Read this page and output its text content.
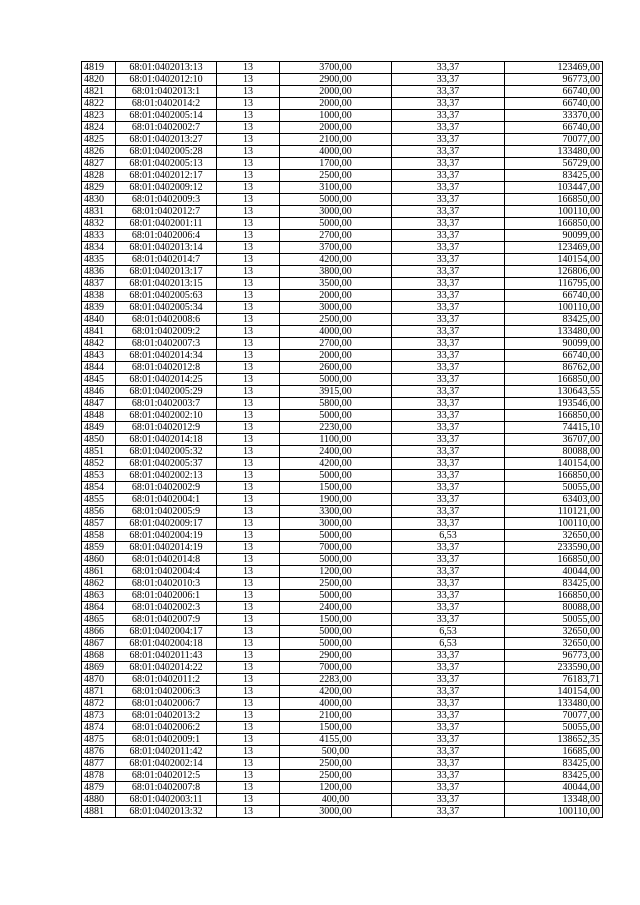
4819	68:01:0402013:13	13	3700,00	33,37	123469,00
4820	68:01:0402012:10	13	2900,00	33,37	96773,00
4821	68:01:0402013:1	13	2000,00	33,37	66740,00
4822	68:01:0402014:2	13	2000,00	33,37	66740,00
4823	68:01:0402005:14	13	1000,00	33,37	33370,00
4824	68:01:0402002:7	13	2000,00	33,37	66740,00
4825	68:01:0402013:27	13	2100,00	33,37	70077,00
4826	68:01:0402005:28	13	4000,00	33,37	133480,00
4827	68:01:0402005:13	13	1700,00	33,37	56729,00
4828	68:01:0402012:17	13	2500,00	33,37	83425,00
4829	68:01:0402009:12	13	3100,00	33,37	103447,00
4830	68:01:0402009:3	13	5000,00	33,37	166850,00
4831	68:01:0402012:7	13	3000,00	33,37	100110,00
4832	68:01:0402001:11	13	5000,00	33,37	166850,00
4833	68:01:0402006:4	13	2700,00	33,37	90099,00
4834	68:01:0402013:14	13	3700,00	33,37	123469,00
4835	68:01:0402014:7	13	4200,00	33,37	140154,00
4836	68:01:0402013:17	13	3800,00	33,37	126806,00
4837	68:01:0402013:15	13	3500,00	33,37	116795,00
4838	68:01:0402005:63	13	2000,00	33,37	66740,00
4839	68:01:0402005:34	13	3000,00	33,37	100110,00
4840	68:01:0402008:6	13	2500,00	33,37	83425,00
4841	68:01:0402009:2	13	4000,00	33,37	133480,00
4842	68:01:0402007:3	13	2700,00	33,37	90099,00
4843	68:01:0402014:34	13	2000,00	33,37	66740,00
4844	68:01:0402012:8	13	2600,00	33,37	86762,00
4845	68:01:0402014:25	13	5000,00	33,37	166850,00
4846	68:01:0402005:29	13	3915,00	33,37	130643,55
4847	68:01:0402003:7	13	5800,00	33,37	193546,00
4848	68:01:0402002:10	13	5000,00	33,37	166850,00
4849	68:01:0402012:9	13	2230,00	33,37	74415,10
4850	68:01:0402014:18	13	1100,00	33,37	36707,00
4851	68:01:0402005:32	13	2400,00	33,37	80088,00
4852	68:01:0402005:37	13	4200,00	33,37	140154,00
4853	68:01:0402002:13	13	5000,00	33,37	166850,00
4854	68:01:0402002:9	13	1500,00	33,37	50055,00
4855	68:01:0402004:1	13	1900,00	33,37	63403,00
4856	68:01:0402005:9	13	3300,00	33,37	110121,00
4857	68:01:0402009:17	13	3000,00	33,37	100110,00
4858	68:01:0402004:19	13	5000,00	6,53	32650,00
4859	68:01:0402014:19	13	7000,00	33,37	233590,00
4860	68:01:0402014:8	13	5000,00	33,37	166850,00
4861	68:01:0402004:4	13	1200,00	33,37	40044,00
4862	68:01:0402010:3	13	2500,00	33,37	83425,00
4863	68:01:0402006:1	13	5000,00	33,37	166850,00
4864	68:01:0402002:3	13	2400,00	33,37	80088,00
4865	68:01:0402007:9	13	1500,00	33,37	50055,00
4866	68:01:0402004:17	13	5000,00	6,53	32650,00
4867	68:01:0402004:18	13	5000,00	6,53	32650,00
4868	68:01:0402011:43	13	2900,00	33,37	96773,00
4869	68:01:0402014:22	13	7000,00	33,37	233590,00
4870	68:01:0402011:2	13	2283,00	33,37	76183,71
4871	68:01:0402006:3	13	4200,00	33,37	140154,00
4872	68:01:0402006:7	13	4000,00	33,37	133480,00
4873	68:01:0402013:2	13	2100,00	33,37	70077,00
4874	68:01:0402006:2	13	1500,00	33,37	50055,00
4875	68:01:0402009:1	13	4155,00	33,37	138652,35
4876	68:01:0402011:42	13	500,00	33,37	16685,00
4877	68:01:0402002:14	13	2500,00	33,37	83425,00
4878	68:01:0402012:5	13	2500,00	33,37	83425,00
4879	68:01:0402007:8	13	1200,00	33,37	40044,00
4880	68:01:0402003:11	13	400,00	33,37	13348,00
4881	68:01:0402013:32	13	3000,00	33,37	100110,00
